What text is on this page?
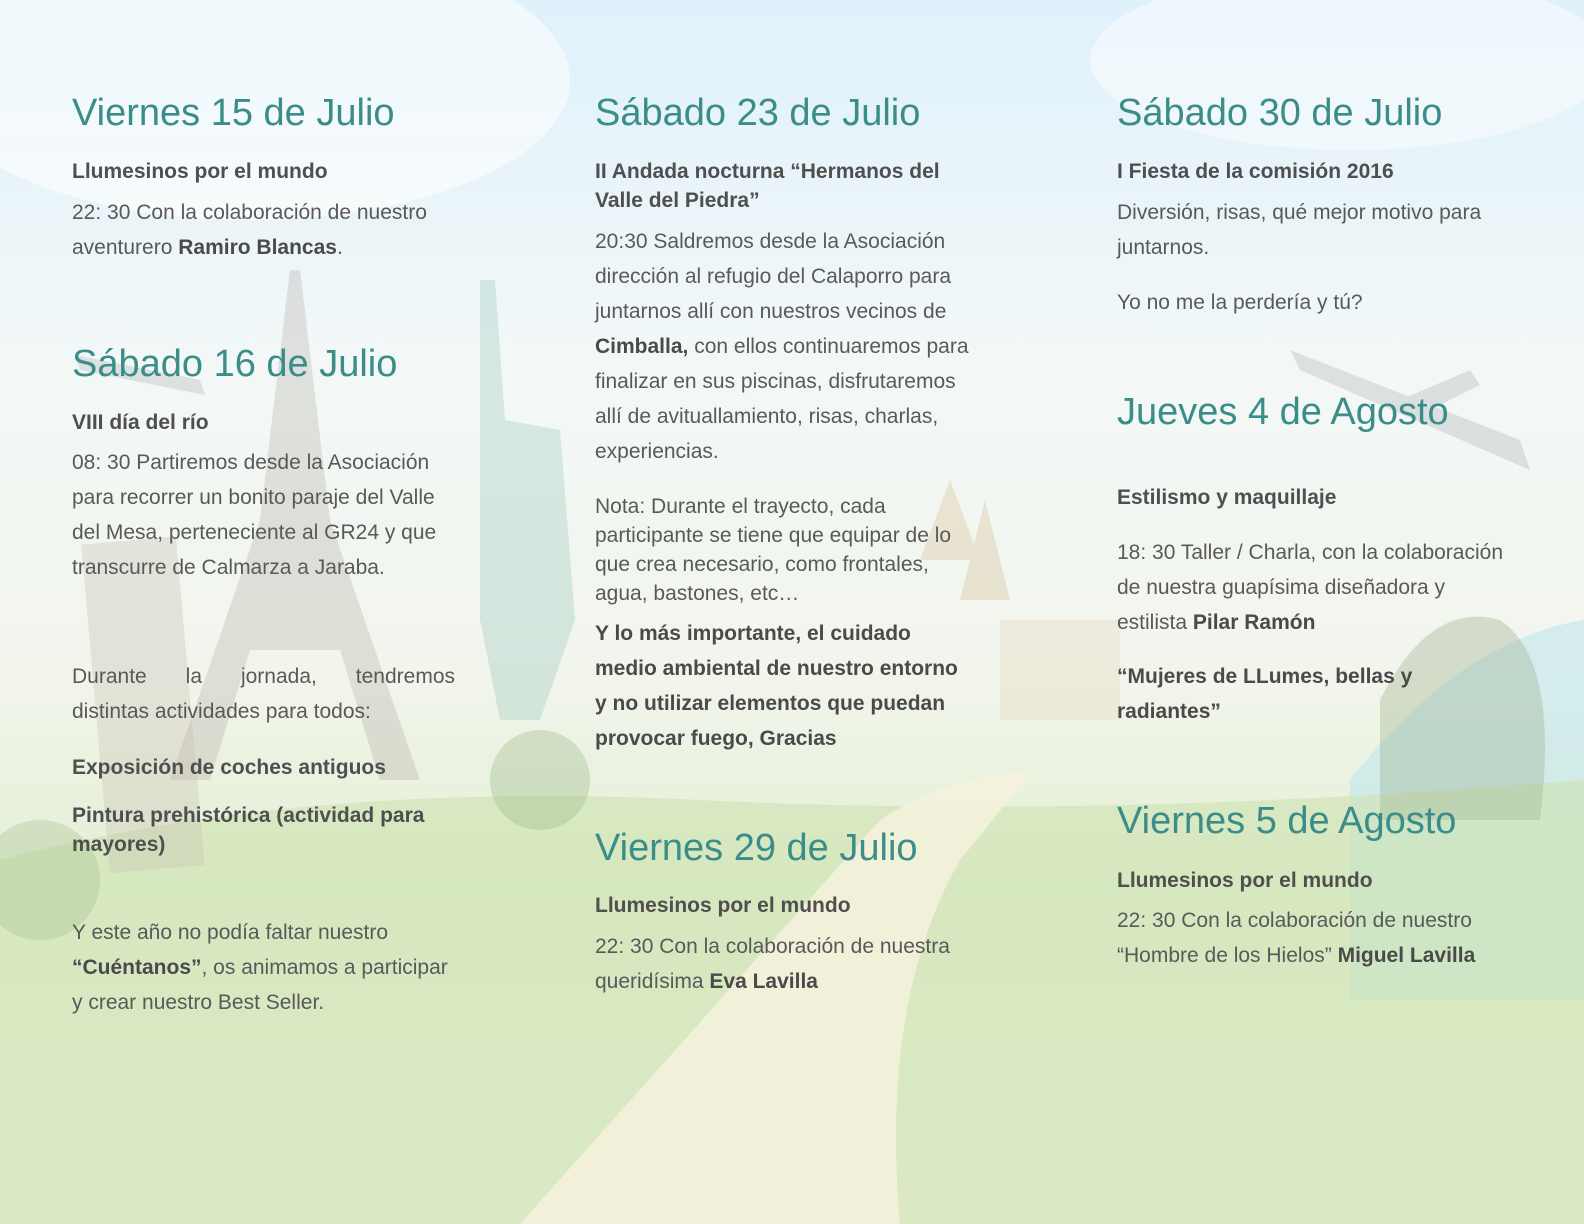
Viernes 15 de Julio
Llumesinos por el mundo

22: 30 Con la colaboración de nuestro aventurero Ramiro Blancas.

Sábado 16 de Julio
VIII día del río

08: 30 Partiremos desde la Asociación para recorrer un bonito paraje del Valle del Mesa, perteneciente al GR24 y que transcurre de Calmarza a Jaraba.

Durante la jornada, tendremos

distintas actividades para todos:

Exposición de coches antiguos
Pintura prehistórica (actividad para mayores)

Y este año no podía faltar nuestro “Cuéntanos”, os animamos a participar y crear nuestro Best Seller.

Sábado 23 de Julio
II Andada nocturna “Hermanos del Valle del Piedra”

20:30 Saldremos desde la Asociación dirección al refugio del Calaporro para juntarnos allí con nuestros vecinos de Cimballa, con ellos continuaremos para finalizar en sus piscinas, disfrutaremos allí de avituallamiento, risas, charlas, experiencias.

Nota: Durante el trayecto, cada participante se tiene que equipar de lo que crea necesario, como frontales, agua, bastones, etc…

Y lo más importante, el cuidado medio ambiental de nuestro entorno y no utilizar elementos que puedan provocar fuego, Gracias

Viernes 29 de Julio
Llumesinos por el mundo

22: 30 Con la colaboración de nuestra queridísima Eva Lavilla

Sábado 30 de Julio
I Fiesta de la comisión 2016

Diversión, risas, qué mejor motivo para juntarnos.

Yo no me la perdería y tú?

Jueves 4 de Agosto
Estilismo y maquillaje

18: 30 Taller / Charla, con la colaboración de nuestra guapísima diseñadora y estilista Pilar Ramón

“Mujeres de LLumes, bellas y radiantes”

Viernes 5 de Agosto
Llumesinos por el mundo

22: 30 Con la colaboración de nuestro “Hombre de los Hielos” Miguel Lavilla
